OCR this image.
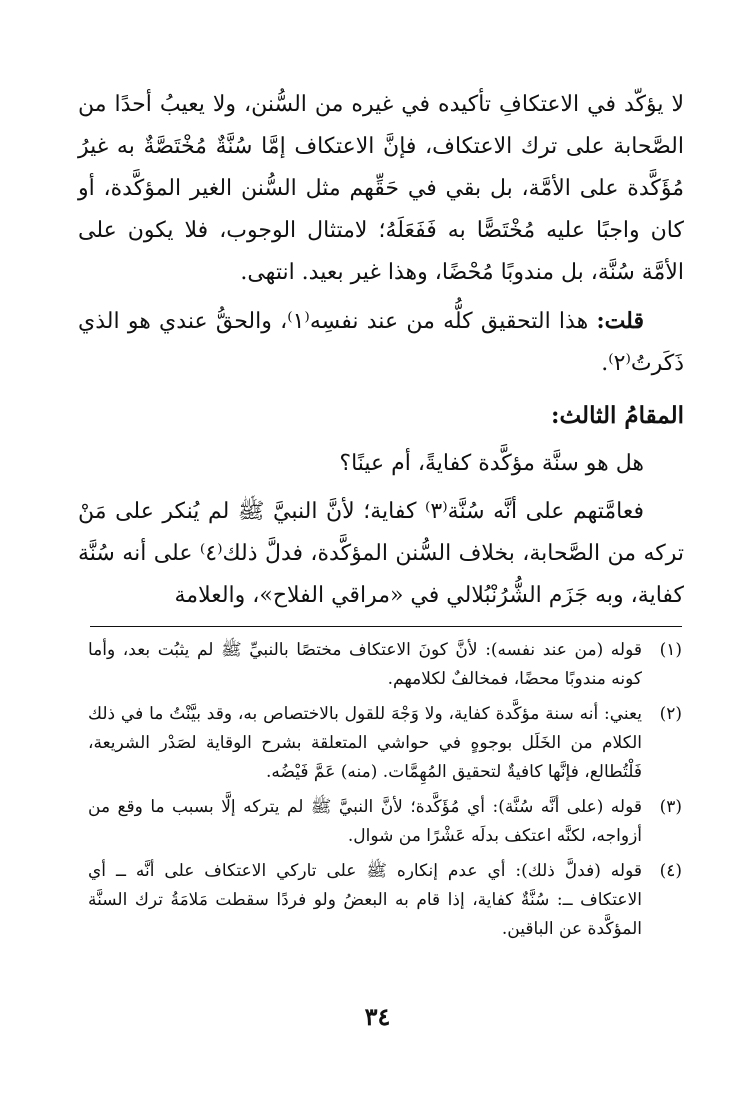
لا يؤكّد في الاعتكافِ تأكيده في غيره من السُّنن، ولا يعيبُ أحدًا من الصَّحابة على ترك الاعتكاف، فإنَّ الاعتكاف إمَّا سُنَّةٌ مُخْتَصَّةٌ به غيرُ مُؤَكَّدة على الأمَّة، بل بقي في حَقِّهم مثل السُّنن الغير المؤكَّدة، أو كان واجبًا عليه مُخْتَصًّا به فَفَعَلَهُ؛ لامتثال الوجوب، فلا يكون على الأمَّة سُنَّة، بل مندوبًا مُحْضًا، وهذا غير بعيد. انتهى.

قلت: هذا التحقيق كلُّه من عند نفسِه⁽١⁾، والحقُّ عندي هو الذي ذَكَرتُ⁽٢⁾.

المقامُ الثالث:

هل هو سنَّة مؤكَّدة كفايةً، أم عينًا؟

فعامَّتهم على أنَّه سُنَّة⁽٣⁾ كفاية؛ لأنَّ النبيَّ ﷺ لم يُنكر على مَنْ تركه من الصَّحابة، بخلاف السُّنن المؤكَّدة، فدلَّ ذلك⁽٤⁾ على أنه سُنَّة كفاية، وبه جَزَم الشُّرُنْبُلالي في «مراقي الفلاح»، والعلامة

(١)
قوله (من عند نفسه): لأنَّ كونَ الاعتكاف مختصًا بالنبيِّ ﷺ لم يثبُت بعد، وأما كونه مندوبًا محضًا، فمخالفٌ لكلامهم.
(٢)
يعني: أنه سنة مؤكَّدة كفاية، ولا وَجْهَ للقول بالاختصاص به، وقد بيَّنْتُ ما في ذلك الكلام من الخَلَل بوجوهٍ في حواشي المتعلقة بشرح الوقاية لصَدْر الشريعة، فَلْتُطالع، فإنَّها كافيةٌ لتحقيق المُهِمَّات. (منه) عَمَّ فَيْضُه.
(٣)
قوله (على أنَّه سُنَّة): أي مُؤَكَّدة؛ لأنَّ النبيَّ ﷺ لم يتركه إلَّا بسبب ما وقع من أزواجه، لكنَّه اعتكف بدلَه عَشْرًا من شوال.
(٤)
قوله (فدلَّ ذلك): أي عدم إنكاره ﷺ على تاركي الاعتكاف على أنَّه ــ أي الاعتكاف ــ: سُنَّةٌ كفاية، إذا قام به البعضُ ولو فردًا سقطت مَلامَةُ ترك السنَّة المؤكَّدة عن الباقين.
٣٤
